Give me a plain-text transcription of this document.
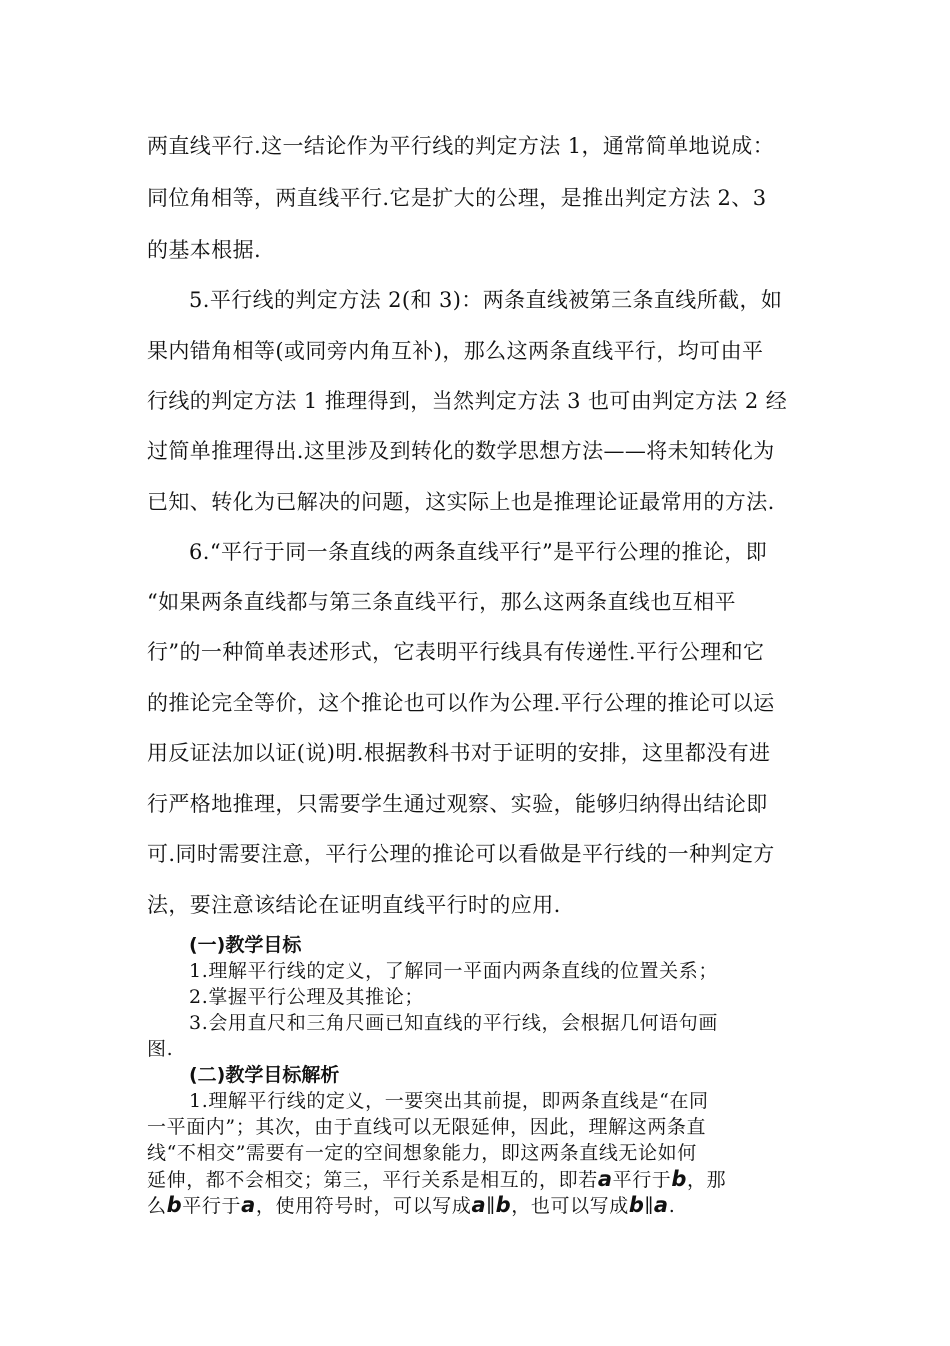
两直线平行.这一结论作为平行线的判定方法 1，通常简单地说成：
同位角相等，两直线平行.它是扩大的公理，是推出判定方法 2、3
的基本根据.
5.平行线的判定方法 2(和 3)：两条直线被第三条直线所截，如
果内错角相等(或同旁内角互补)，那么这两条直线平行，均可由平
行线的判定方法 1 推理得到，当然判定方法 3 也可由判定方法 2 经
过简单推理得出.这里涉及到转化的数学思想方法——将未知转化为
已知、转化为已解决的问题，这实际上也是推理论证最常用的方法.
6.“平行于同一条直线的两条直线平行”是平行公理的推论，即
“如果两条直线都与第三条直线平行，那么这两条直线也互相平
行”的一种简单表述形式，它表明平行线具有传递性.平行公理和它
的推论完全等价，这个推论也可以作为公理.平行公理的推论可以运
用反证法加以证(说)明.根据教科书对于证明的安排，这里都没有进
行严格地推理，只需要学生通过观察、实验，能够归纳得出结论即
可.同时需要注意，平行公理的推论可以看做是平行线的一种判定方
法，要注意该结论在证明直线平行时的应用.
(一)教学目标
1.理解平行线的定义，了解同一平面内两条直线的位置关系；
2.掌握平行公理及其推论；
3.会用直尺和三角尺画已知直线的平行线，会根据几何语句画
图.
(二)教学目标解析
1.理解平行线的定义，一要突出其前提，即两条直线是“在同
一平面内”；其次，由于直线可以无限延伸，因此，理解这两条直
线“不相交”需要有一定的空间想象能力，即这两条直线无论如何
延伸，都不会相交；第三，平行关系是相互的，即若a平行于b，那
么b平行于a，使用符号时，可以写成a∥b，也可以写成b∥a.
